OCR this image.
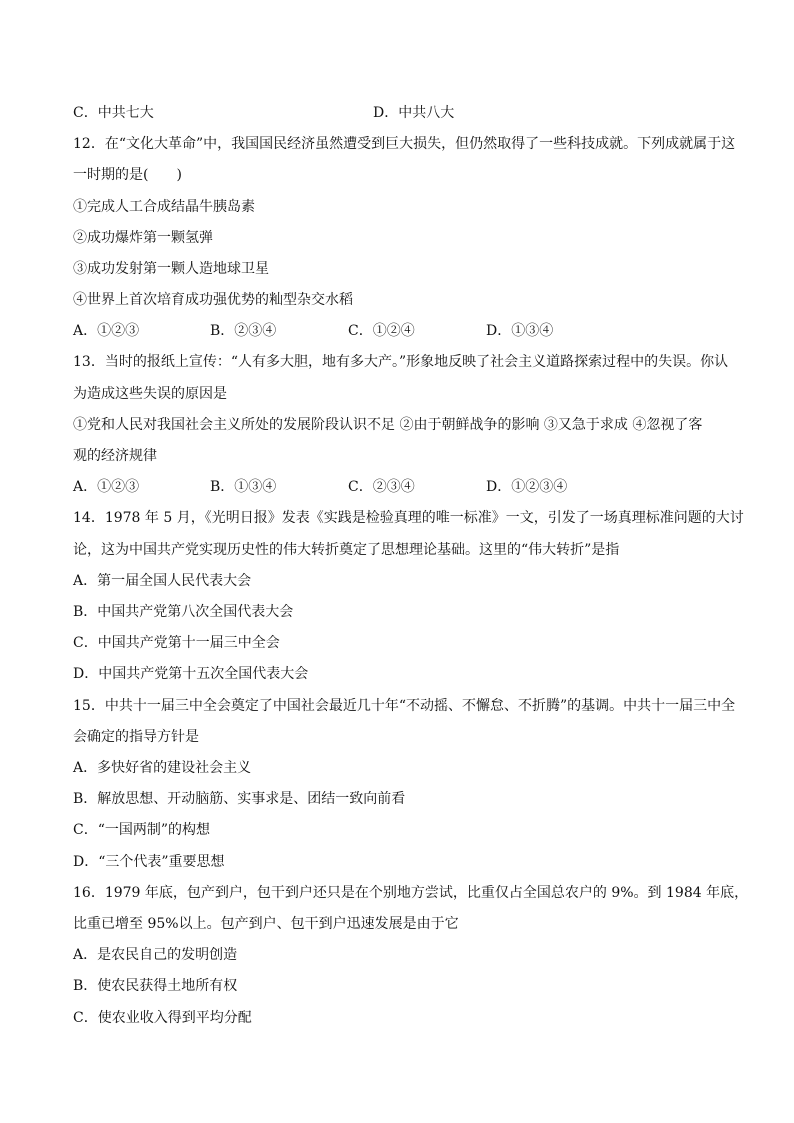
C．中共七大	D．中共八大
12．在“文化大革命”中，我国国民经济虽然遭受到巨大损失，但仍然取得了一些科技成就。下列成就属于这
一时期的是(　　)
①完成人工合成结晶牛胰岛素
②成功爆炸第一颗氢弹
③成功发射第一颗人造地球卫星
④世界上首次培育成功强优势的籼型杂交水稻
A．①②③	B．②③④	C．①②④	D．①③④
13．当时的报纸上宣传：“人有多大胆，地有多大产。”形象地反映了社会主义道路探索过程中的失误。你认
为造成这些失误的原因是
①党和人民对我国社会主义所处的发展阶段认识不足 ②由于朝鲜战争的影响 ③又急于求成 ④忽视了客
观的经济规律
A．①②③	B．①③④	C．②③④	D．①②③④
14．1978 年 5 月，《光明日报》发表《实践是检验真理的唯一标准》一文，引发了一场真理标准问题的大讨
论，这为中国共产党实现历史性的伟大转折奠定了思想理论基础。这里的“伟大转折”是指
A．第一届全国人民代表大会
B．中国共产党第八次全国代表大会
C．中国共产党第十一届三中全会
D．中国共产党第十五次全国代表大会
15．中共十一届三中全会奠定了中国社会最近几十年“不动摇、不懈怠、不折腾”的基调。中共十一届三中全
会确定的指导方针是
A．多快好省的建设社会主义
B．解放思想、开动脑筋、实事求是、团结一致向前看
C．“一国两制”的构想
D．“三个代表”重要思想
16．1979 年底，包产到户，包干到户还只是在个别地方尝试，比重仅占全国总农户的 9%。到 1984 年底，
比重已增至 95%以上。包产到户、包干到户迅速发展是由于它
A．是农民自己的发明创造
B．使农民获得土地所有权
C．使农业收入得到平均分配
